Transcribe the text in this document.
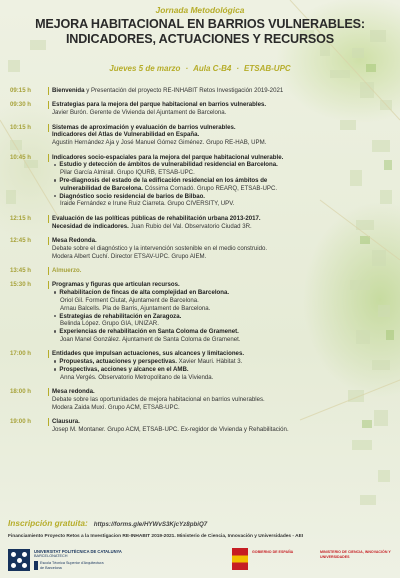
Jornada Metodológica
MEJORA HABITACIONAL EN BARRIOS VULNERABLES:
INDICADORES, ACTUACIONES Y RECURSOS
Jueves 5 de marzo · Aula C-B4 · ETSAB-UPC
09:15 h	Bienvenida y Presentación del proyecto RE-INHABIT Retos Investigación 2019-2021
09:30 h	Estrategias para la mejora del parque habitacional en barrios vulnerables.
Javier Burón. Gerente de Vivienda del Ajuntament de Barcelona.
10:15 h	Sistemas de aproximación y evaluación de barrios vulnerables.
Indicadores del Atlas de Vulnerabilidad en España.
Agustín Hernández Aja y José Manuel Gómez Giménez. Grupo RE-HAB, UPM.
10:45 h	Indicadores socio-espaciales para la mejora del parque habitacional vulnerable.
Estudio y detección de ámbitos de vulnerabilidad residencial en Barcelona.
Pilar García Almirall. Grupo IQURB, ETSAB-UPC.
Pre-diagnosis del estado de la edificación residencial en los ámbitos de
vulnerabilidad de Barcelona. Cóssima Cornadó. Grupo REARQ, ETSAB-UPC.
Diagnóstico socio residencial de barios de Bilbao.
Iraide Fernández e Irune Ruiz Ciarreta. Grupo CIVERSITY, UPV.
12:15 h	Evaluación de las políticas públicas de rehabilitación urbana 2013-2017.
Necesidad de indicadores. Juan Rubio del Val. Observatorio Ciudad 3R.
12:45 h	Mesa Redonda.
Debate sobre el diagnóstico y la intervención sostenible en el medio construido.
Modera Albert Cuchí. Director ETSAV-UPC. Grupo AIEM.
13:45 h	Almuerzo.
15:30 h	Programas y figuras que articulan recursos.
Rehabilitacion de fincas de alta complejidad en Barcelona.
Oriol Gil. Forment Ciutat, Ajuntament de Barcelona.
Arnau Balcells. Pla de Barris, Ajuntament de Barcelona.
Estrategias de rehabilitación en Zaragoza.
Belinda López. Grupo GIA, UNIZAR.
Experiencias de rehabilitación en Santa Coloma de Gramenet.
Joan Manel González. Ajuntament de Santa Coloma de Gramenet.
17:00 h	Entidades que impulsan actuaciones, sus alcances y limitaciones.
Propuestas, actuaciones y perspectivas. Xavier Mauri. Hàbitat 3.
Prospectivas, acciones y alcance en el AMB.
Anna Vergés. Observatorio Metropolitano de la Vivienda.
18:00 h	Mesa redonda.
Debate sobre las oportunidades de mejora habitacional en barrios vulnerables.
Modera Zaida Muxí. Grupo ACM, ETSAB-UPC.
19:00 h	Clausura.
Josep M. Montaner. Grupo ACM, ETSAB-UPC. Ex-regidor de Vivienda y Rehabilitación.
Inscripción gratuita: https://forms.gle/HYWvS3KjcYz8pbiQ7
Financiamiento Proyecto Retos a la Investigacion RE-INHABIT 2019-2021. Ministerio de Ciencia, Innovación y Universidades - AEI
UNIVERSITAT POLITÈCNICA DE CATALUNYA
BARCELONATECH
Escola Tècnica Superior d'Arquitectura
de Barcelona
GOBIERNO DE ESPAÑA	MINISTERIO DE CIENCIA, INNOVACIÓN Y UNIVERSIDADES
